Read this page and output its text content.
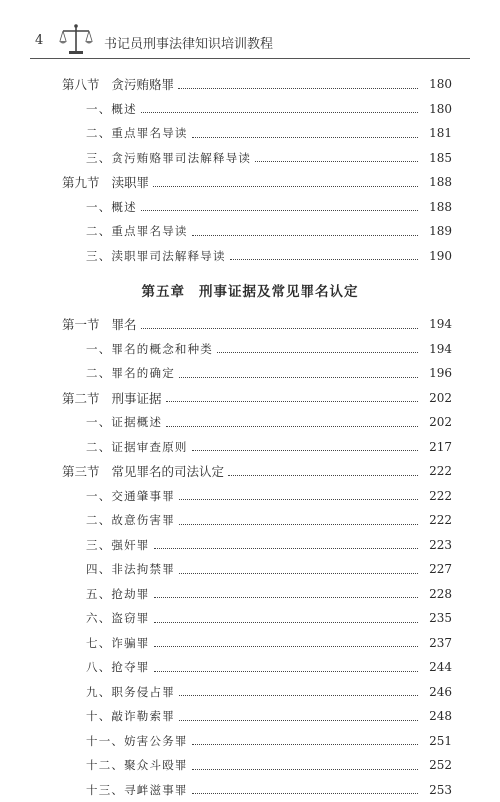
4	书记员刑事法律知识培训教程
第八节 贪污贿赂罪	180
一、概述	180
二、重点罪名导读	181
三、贪污贿赂罪司法解释导读	185
第九节 渎职罪	188
一、概述	188
二、重点罪名导读	189
三、渎职罪司法解释导读	190
第五章 刑事证据及常见罪名认定
第一节 罪名	194
一、罪名的概念和种类	194
二、罪名的确定	196
第二节 刑事证据	202
一、证据概述	202
二、证据审查原则	217
第三节 常见罪名的司法认定	222
一、交通肇事罪	222
二、故意伤害罪	222
三、强奸罪	223
四、非法拘禁罪	227
五、抢劫罪	228
六、盗窃罪	235
七、诈骗罪	237
八、抢夺罪	244
九、职务侵占罪	246
十、敲诈勒索罪	248
十一、妨害公务罪	251
十二、聚众斗殴罪	252
十三、寻衅滋事罪	253
